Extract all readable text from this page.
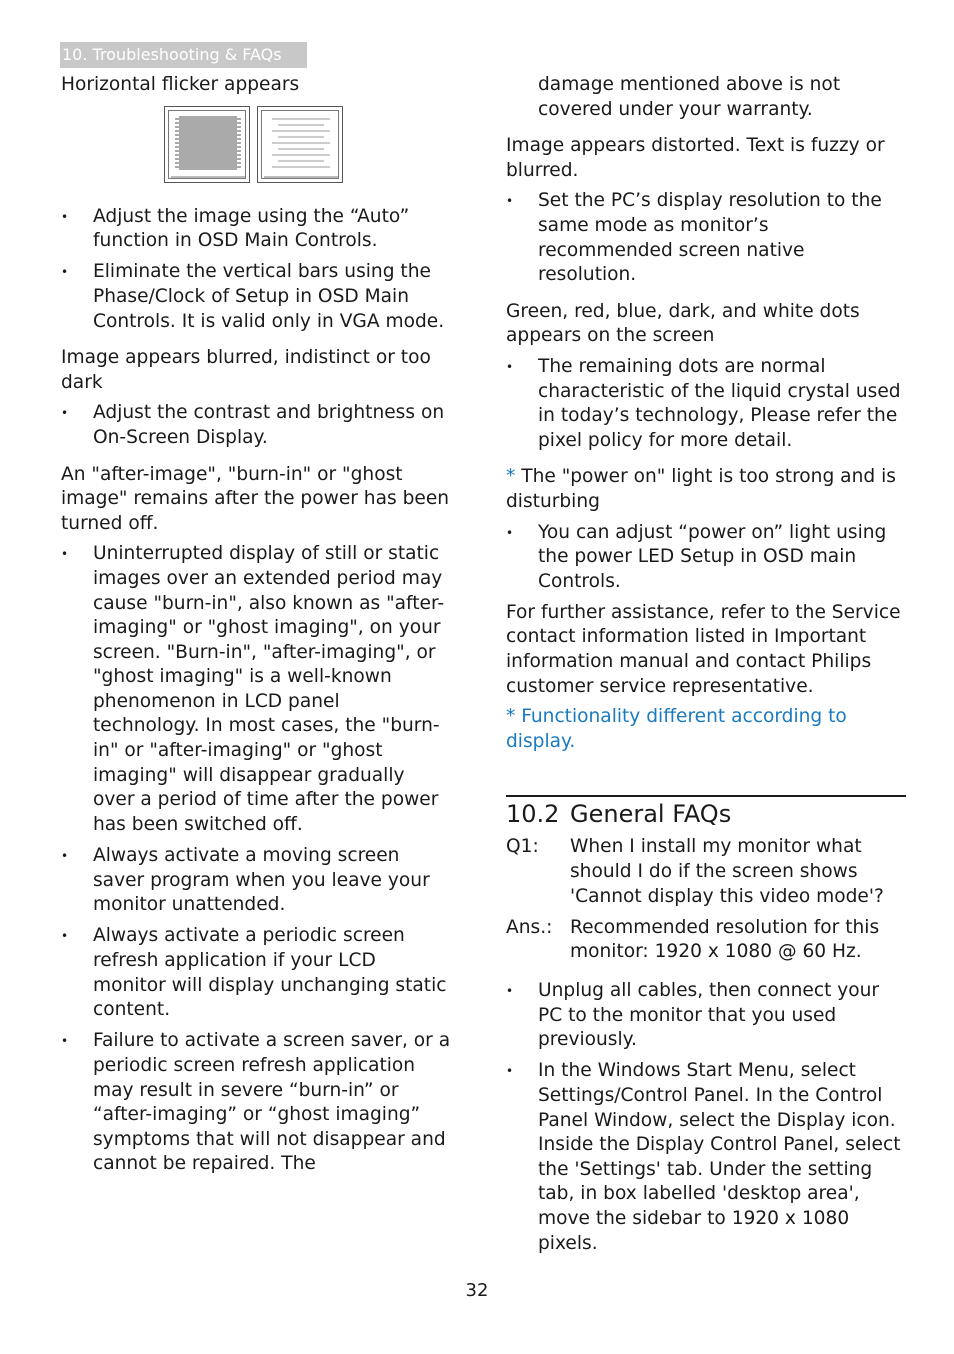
10. Troubleshooting & FAQs

Horizontal flicker appears

• Adjust the image using the “Auto” function in OSD Main Controls.
• Eliminate the vertical bars using the Phase/Clock of Setup in OSD Main Controls. It is valid only in VGA mode.

Image appears blurred, indistinct or too dark

• Adjust the contrast and brightness on On-Screen Display.

An "after-image", "burn-in" or "ghost image" remains after the power has been turned off.

• Uninterrupted display of still or static images over an extended period may cause "burn-in", also known as "after-imaging" or "ghost imaging", on your screen. "Burn-in", "after-imaging", or "ghost imaging" is a well-known phenomenon in LCD panel technology. In most cases, the "burn-in" or "after-imaging" or "ghost imaging" will disappear gradually over a period of time after the power has been switched off.
• Always activate a moving screen saver program when you leave your monitor unattended.
• Always activate a periodic screen refresh application if your LCD monitor will display unchanging static content.
• Failure to activate a screen saver, or a periodic screen refresh application may result in severe “burn-in” or “after-imaging” or “ghost imaging” symptoms that will not disappear and cannot be repaired. The

damage mentioned above is not covered under your warranty.

Image appears distorted. Text is fuzzy or blurred.

• Set the PC’s display resolution to the same mode as monitor’s recommended screen native resolution.

Green, red, blue, dark, and white dots appears on the screen

• The remaining dots are normal characteristic of the liquid crystal used in today’s technology, Please refer the pixel policy for more detail.

* The "power on" light is too strong and is disturbing

• You can adjust “power on” light using the power LED Setup in OSD main Controls.

For further assistance, refer to the Service contact information listed in Important information manual and contact Philips customer service representative.

* Functionality different according to display.

10.2 General FAQs
Q1:	When I install my monitor what should I do if the screen shows 'Cannot display this video mode'?
Ans.: Recommended resolution for this monitor: 1920 x 1080 @ 60 Hz.
• Unplug all cables, then connect your PC to the monitor that you used previously.
• In the Windows Start Menu, select Settings/Control Panel. In the Control Panel Window, select the Display icon. Inside the Display Control Panel, select the 'Settings' tab. Under the setting tab, in box labelled 'desktop area', move the sidebar to 1920 x 1080 pixels.
32
